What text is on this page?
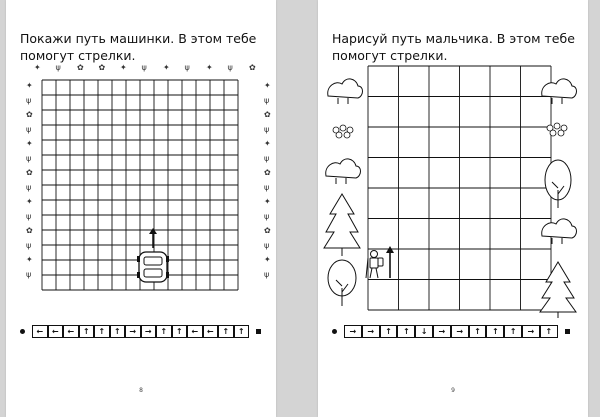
Покажи путь машинки. В этом тебе помогут стрелки.

✦ ψ ✿ ✿ ✦ ψ ✦ ψ ✦ ψ ✿
✦
ψ
✿
ψ
✦
ψ
✿
ψ
✦
ψ
✿
ψ
✦
ψ
✦
ψ
✿
ψ
✦
ψ
✿
ψ
✦
ψ
✿
ψ
✦
ψ
←	←	←	↑	↑	↑	→	→	↑	↑	←	←	↑	↑
8

Нарисуй путь мальчика. В этом тебе помогут стрелки.

→	→	↑	↑	↓	→	→	↑	↑	↑	→	↑
9
